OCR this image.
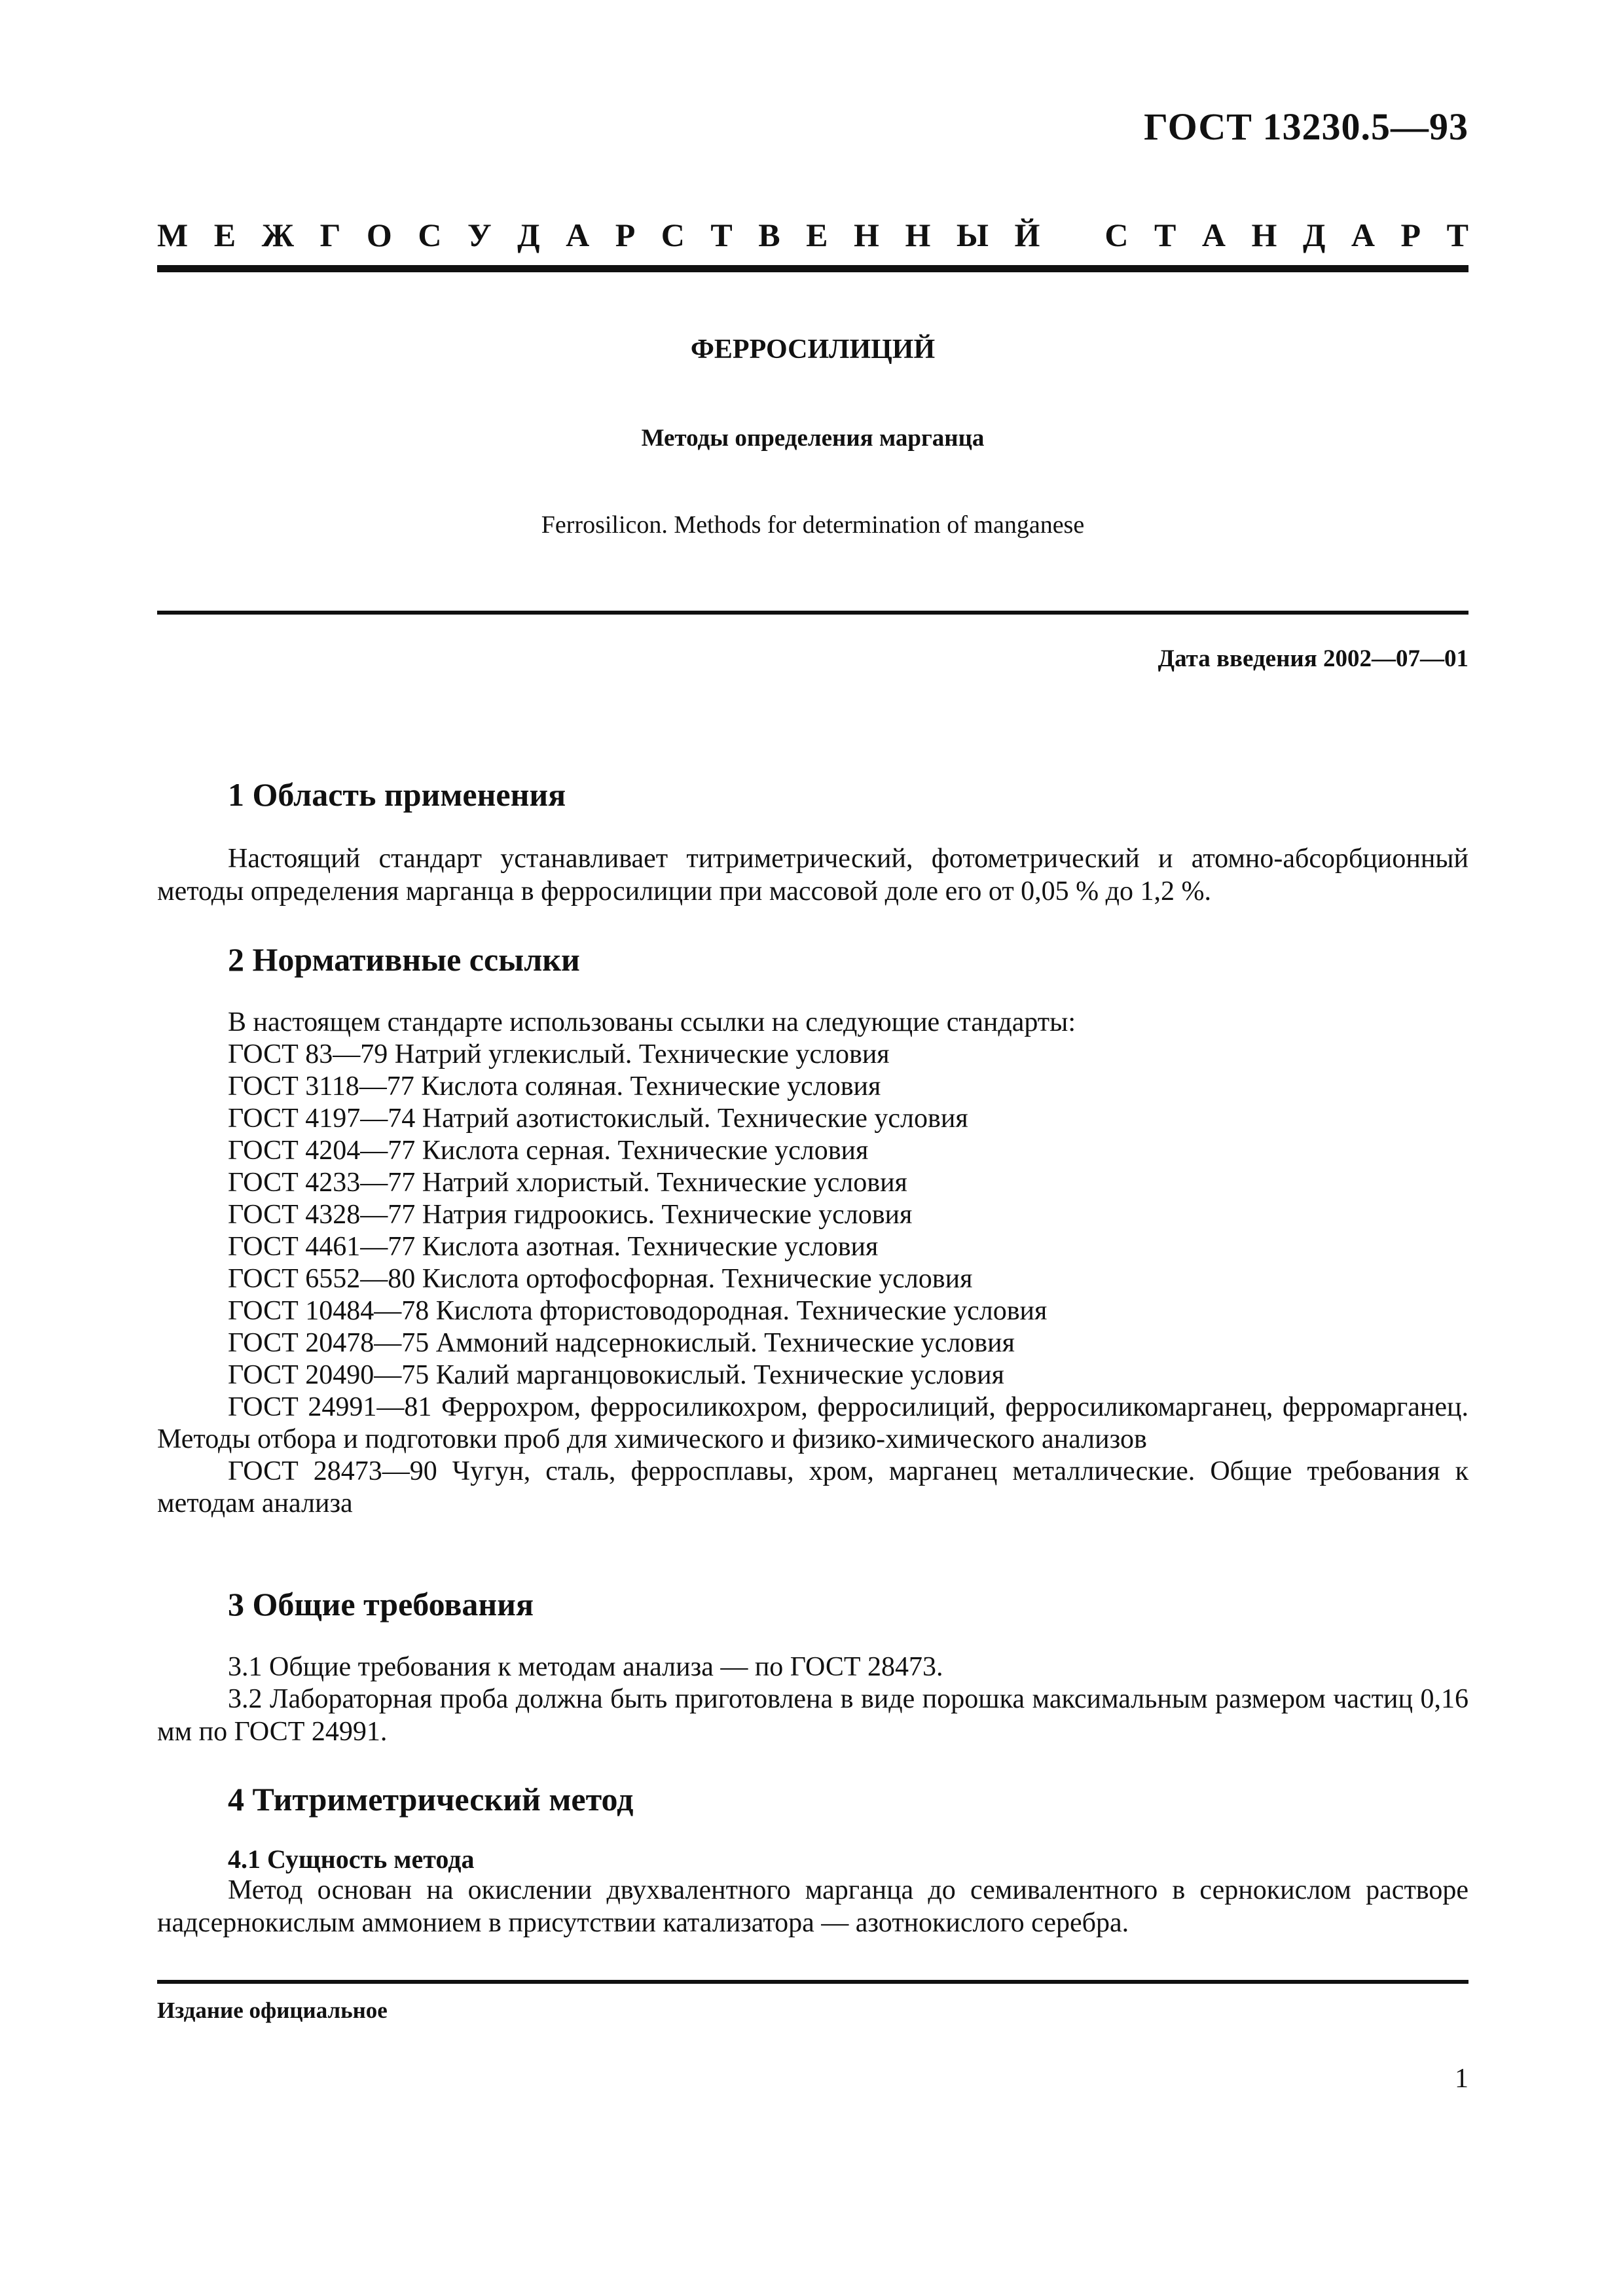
ГОСТ 13230.5—93
М Е Ж Г О С У Д А Р С Т В Е Н Н Ы Й С Т А Н Д А Р Т
ФЕРРОСИЛИЦИЙ
Методы определения марганца
Ferrosilicon. Methods for determination of manganese
Дата введения 2002—07—01
1 Область применения
Настоящий стандарт устанавливает титриметрический, фотометрический и атомно-абсорбционный методы определения марганца в ферросилиции при массовой доле его от 0,05 % до 1,2 %.
2 Нормативные ссылки
В настоящем стандарте использованы ссылки на следующие стандарты:
ГОСТ 83—79 Натрий углекислый. Технические условия
ГОСТ 3118—77 Кислота соляная. Технические условия
ГОСТ 4197—74 Натрий азотистокислый. Технические условия
ГОСТ 4204—77 Кислота серная. Технические условия
ГОСТ 4233—77 Натрий хлористый. Технические условия
ГОСТ 4328—77 Натрия гидроокись. Технические условия
ГОСТ 4461—77 Кислота азотная. Технические условия
ГОСТ 6552—80 Кислота ортофосфорная. Технические условия
ГОСТ 10484—78 Кислота фтористоводородная. Технические условия
ГОСТ 20478—75 Аммоний надсернокислый. Технические условия
ГОСТ 20490—75 Калий марганцовокислый. Технические условия
ГОСТ 24991—81 Феррохром, ферросиликохром, ферросилиций, ферросиликомарганец, ферромарганец. Методы отбора и подготовки проб для химического и физико-химического анализов
ГОСТ 28473—90 Чугун, сталь, ферросплавы, хром, марганец металлические. Общие требования к методам анализа
3 Общие требования
3.1 Общие требования к методам анализа — по ГОСТ 28473.
3.2 Лабораторная проба должна быть приготовлена в виде порошка максимальным размером частиц 0,16 мм по ГОСТ 24991.
4 Титриметрический метод
4.1 Сущность метода
Метод основан на окислении двухвалентного марганца до семивалентного в сернокислом растворе надсернокислым аммонием в присутствии катализатора — азотнокислого серебра.
Издание официальное
1
